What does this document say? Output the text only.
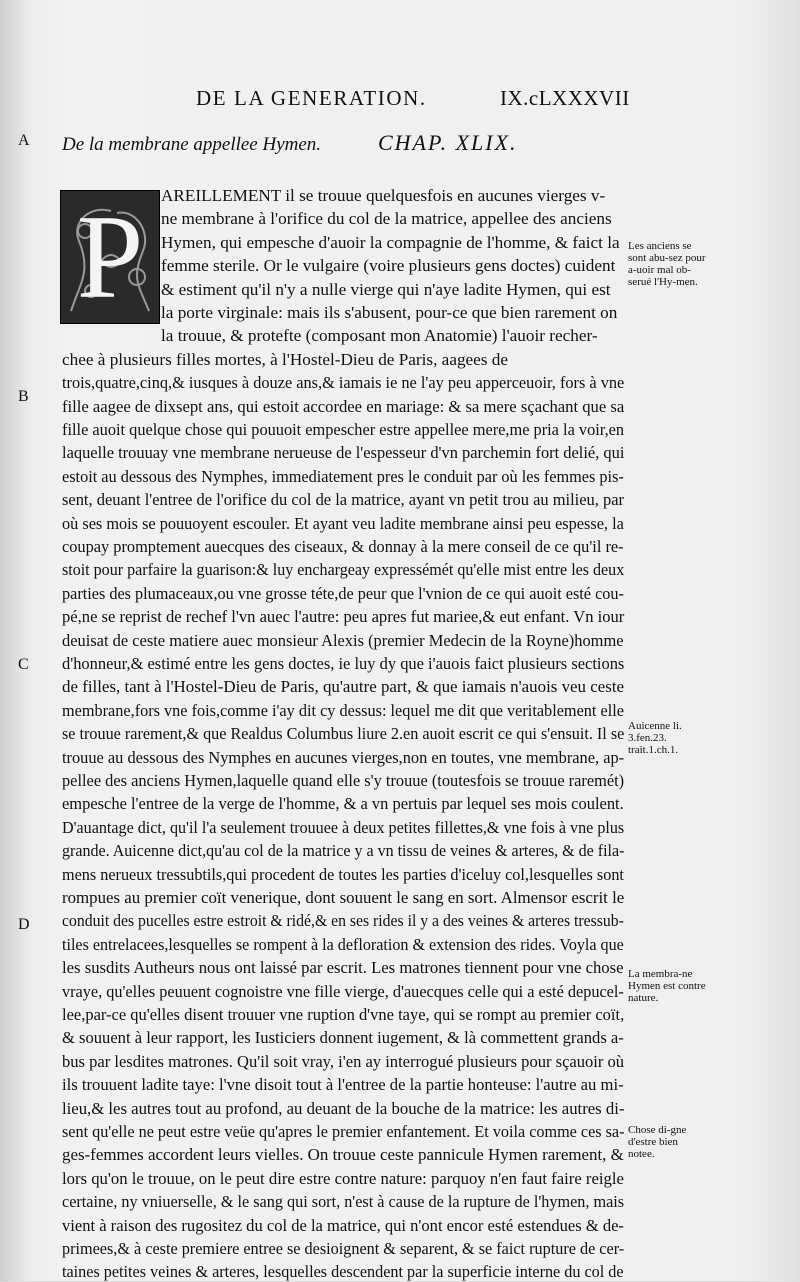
DE LA GENERATION.	IX.cLXXXVII
A
B
C
D
De la membrane appellee Hymen.	CHAP. XLIX.
P	AREILLEMENT il se trouue quelquesfois en aucunes vierges v-
ne membrane à l'orifice du col de la matrice, appellee des anciens
Hymen, qui empesche d'auoir la compagnie de l'homme, & faict la
femme sterile. Or le vulgaire (voire plusieurs gens doctes) cuident
& estiment qu'il n'y a nulle vierge qui n'aye ladite Hymen, qui est
la porte virginale: mais ils s'abusent, pour-ce que bien rarement on
la trouue, & protefte (composant mon Anatomie) l'auoir recher-
chee à plusieurs filles mortes, à l'Hostel-Dieu de Paris, aagees de
trois,quatre,cinq,& iusques à douze ans,& iamais ie ne l'ay peu apperceuoir, fors à vne
fille aagee de dixsept ans, qui estoit accordee en mariage: & sa mere sçachant que sa
fille auoit quelque chose qui pouuoit empescher estre appellee mere,me pria la voir,en
laquelle trouuay vne membrane nerueuse de l'espesseur d'vn parchemin fort delié, qui
estoit au dessous des Nymphes, immediatement pres le conduit par où les femmes pis-
sent, deuant l'entree de l'orifice du col de la matrice, ayant vn petit trou au milieu, par
où ses mois se pouuoyent escouler. Et ayant veu ladite membrane ainsi peu espesse, la
coupay promptement auecques des ciseaux, & donnay à la mere conseil de ce qu'il re-
stoit pour parfaire la guarison:& luy enchargeay expressémét qu'elle mist entre les deux
parties des plumaceaux,ou vne grosse téte,de peur que l'vnion de ce qui auoit esté cou-
pé,ne se reprist de rechef l'vn auec l'autre: peu apres fut mariee,& eut enfant. Vn iour
deuisat de ceste matiere auec monsieur Alexis (premier Medecin de la Royne)homme
d'honneur,& estimé entre les gens doctes, ie luy dy que i'auois faict plusieurs sections
de filles, tant à l'Hostel-Dieu de Paris, qu'autre part, & que iamais n'auois veu ceste
membrane,fors vne fois,comme i'ay dit cy dessus: lequel me dit que veritablement elle
se trouue rarement,& que Realdus Columbus liure 2.en auoit escrit ce qui s'ensuit. Il se
trouue au dessous des Nymphes en aucunes vierges,non en toutes, vne membrane, ap-
pellee des anciens Hymen,laquelle quand elle s'y trouue (toutesfois se trouue raremét)
empesche l'entree de la verge de l'homme, & a vn pertuis par lequel ses mois coulent.
D'auantage dict, qu'il l'a seulement trouuee à deux petites fillettes,& vne fois à vne plus
grande. Auicenne dict,qu'au col de la matrice y a vn tissu de veines & arteres, & de fila-
mens nerueux tressubtils,qui procedent de toutes les parties d'iceluy col,lesquelles sont
rompues au premier coït venerique, dont souuent le sang en sort. Almensor escrit le
conduit des pucelles estre estroit & ridé,& en ses rides il y a des veines & arteres tressub-
tiles entrelacees,lesquelles se rompent à la defloration & extension des rides. Voyla que
les susdits Autheurs nous ont laissé par escrit. Les matrones tiennent pour vne chose
vraye, qu'elles peuuent cognoistre vne fille vierge, d'auecques celle qui a esté depucel-
lee,par-ce qu'elles disent trouuer vne ruption d'vne taye, qui se rompt au premier coït,
& souuent à leur rapport, les Iusticiers donnent iugement, & là commettent grands a-
bus par lesdites matrones. Qu'il soit vray, i'en ay interrogué plusieurs pour sçauoir où
ils trouuent ladite taye: l'vne disoit tout à l'entree de la partie honteuse: l'autre au mi-
lieu,& les autres tout au profond, au deuant de la bouche de la matrice: les autres di-
sent qu'elle ne peut estre veüe qu'apres le premier enfantement. Et voila comme ces sa-
ges-femmes accordent leurs vielles. On trouue ceste pannicule Hymen rarement, &
lors qu'on le trouue, on le peut dire estre contre nature: parquoy n'en faut faire reigle
certaine, ny vniuerselle, & le sang qui sort, n'est à cause de la rupture de l'hymen, mais
vient à raison des rugositez du col de la matrice, qui n'ont encor esté estendues & de-
primees,& à ceste premiere entree se desioignent & separent, & se faict rupture de cer-
taines petites veines & arteres, lesquelles descendent par la superficie interne du col de
Les anciens se sont abu-sez pour a-uoir mal ob-serué l'Hy-men.
Auicenne li. 3.fen.23. trait.1.ch.1.
La membra-ne Hymen est contre nature.
Chose di-gne d'estre bien notee.
